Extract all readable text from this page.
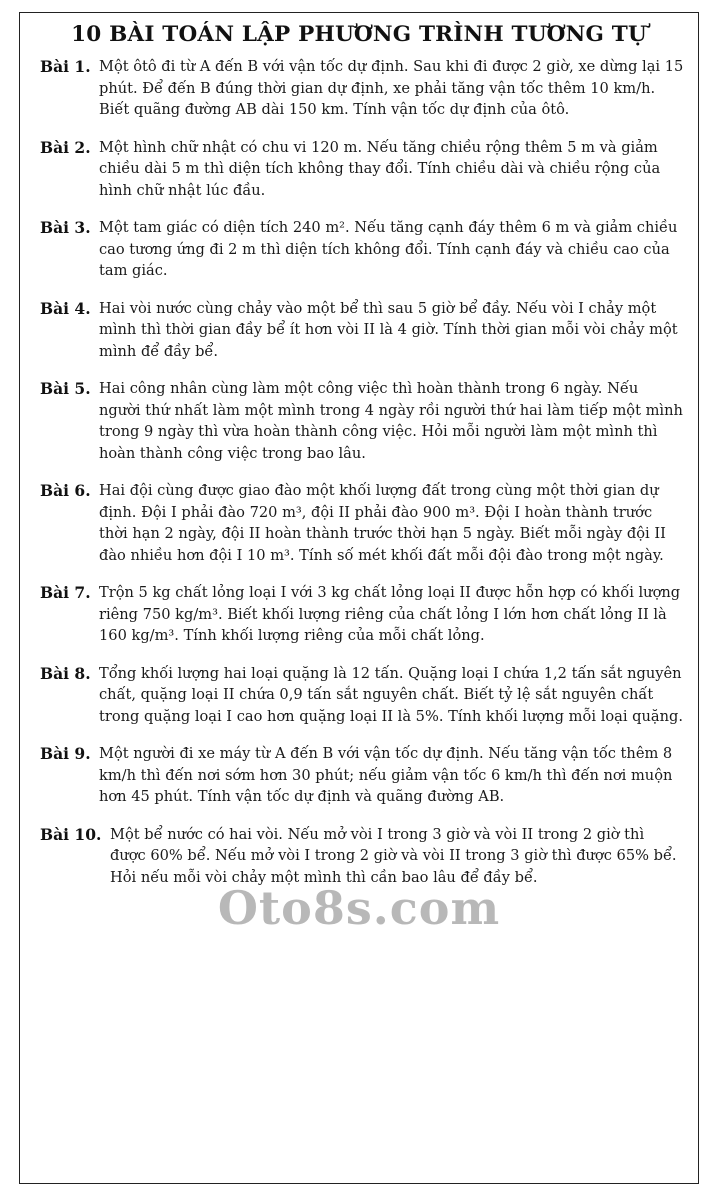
10 BÀI TOÁN LẬP PHƯƠNG TRÌNH TƯƠNG TỰ
Bài 1. Một ôtô đi từ A đến B với vận tốc dự định. Sau khi đi được 2 giờ, xe dừng lại 15 phút. Để đến B đúng thời gian dự định, xe phải tăng vận tốc thêm 10 km/h. Biết quãng đường AB dài 150 km. Tính vận tốc dự định của ôtô.
Bài 2. Một hình chữ nhật có chu vi 120 m. Nếu tăng chiều rộng thêm 5 m và giảm chiều dài 5 m thì diện tích không thay đổi. Tính chiều dài và chiều rộng của hình chữ nhật lúc đầu.
Bài 3. Một tam giác có diện tích 240 m². Nếu tăng cạnh đáy thêm 6 m và giảm chiều cao tương ứng đi 2 m thì diện tích không đổi. Tính cạnh đáy và chiều cao của tam giác.
Bài 4. Hai vòi nước cùng chảy vào một bể thì sau 5 giờ bể đầy. Nếu vòi I chảy một mình thì thời gian đầy bể ít hơn vòi II là 4 giờ. Tính thời gian mỗi vòi chảy một mình để đầy bể.
Bài 5. Hai công nhân cùng làm một công việc thì hoàn thành trong 6 ngày. Nếu người thứ nhất làm một mình trong 4 ngày rồi người thứ hai làm tiếp một mình trong 9 ngày thì vừa hoàn thành công việc. Hỏi mỗi người làm một mình thì hoàn thành công việc trong bao lâu.
Bài 6. Hai đội cùng được giao đào một khối lượng đất trong cùng một thời gian dự định. Đội I phải đào 720 m³, đội II phải đào 900 m³. Đội I hoàn thành trước thời hạn 2 ngày, đội II hoàn thành trước thời hạn 5 ngày. Biết mỗi ngày đội II đào nhiều hơn đội I 10 m³. Tính số mét khối đất mỗi đội đào trong một ngày.
Bài 7. Trộn 5 kg chất lỏng loại I với 3 kg chất lỏng loại II được hỗn hợp có khối lượng riêng 750 kg/m³. Biết khối lượng riêng của chất lỏng I lớn hơn chất lỏng II là 160 kg/m³. Tính khối lượng riêng của mỗi chất lỏng.
Bài 8. Tổng khối lượng hai loại quặng là 12 tấn. Quặng loại I chứa 1,2 tấn sắt nguyên chất, quặng loại II chứa 0,9 tấn sắt nguyên chất. Biết tỷ lệ sắt nguyên chất trong quặng loại I cao hơn quặng loại II là 5%. Tính khối lượng mỗi loại quặng.
Bài 9. Một người đi xe máy từ A đến B với vận tốc dự định. Nếu tăng vận tốc thêm 8 km/h thì đến nơi sớm hơn 30 phút; nếu giảm vận tốc 6 km/h thì đến nơi muộn hơn 45 phút. Tính vận tốc dự định và quãng đường AB.
Bài 10. Một bể nước có hai vòi. Nếu mở vòi I trong 3 giờ và vòi II trong 2 giờ thì được 60% bể. Nếu mở vòi I trong 2 giờ và vòi II trong 3 giờ thì được 65% bể. Hỏi nếu mỗi vòi chảy một mình thì cần bao lâu để đầy bể.
Oto8s.com
